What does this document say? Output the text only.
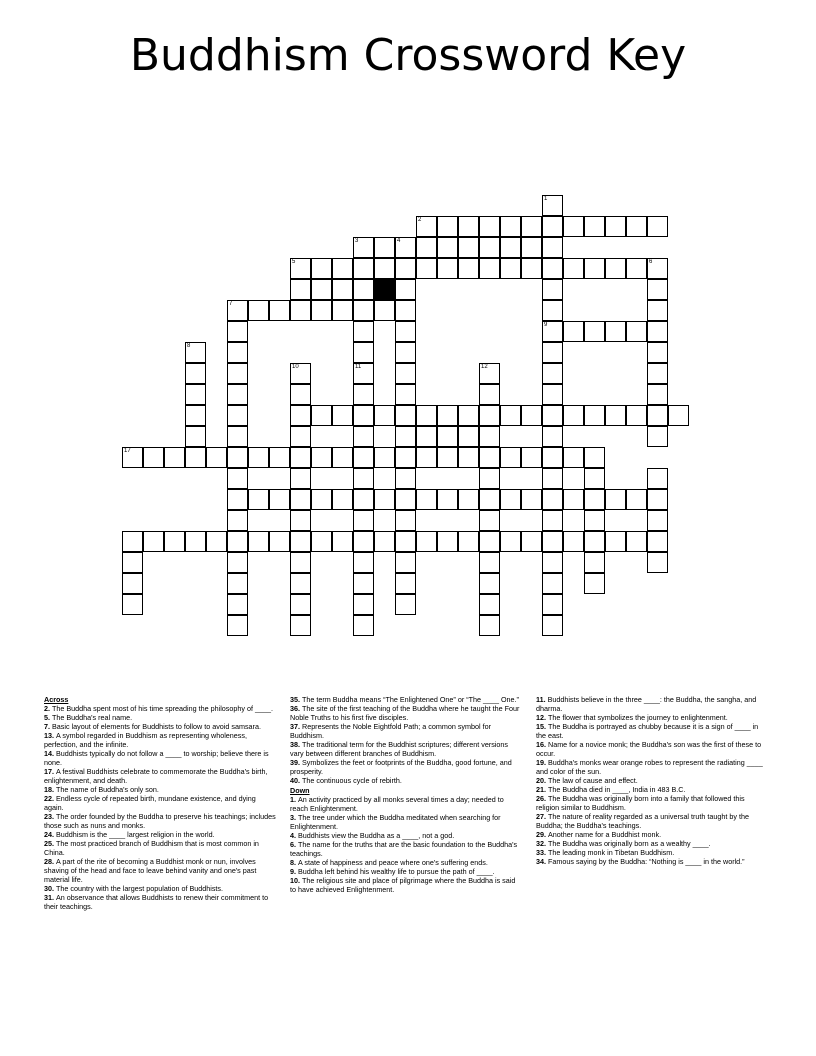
Buddhism Crossword Key
1
2
3	4
5	6
7
9
8
10	11	12
17

Across

2. The Buddha spent most of his time spreading the philosophy of ____.

5. The Buddha's real name.

7. Basic layout of elements for Buddhists to follow to avoid samsara.

13. A symbol regarded in Buddhism as representing wholeness, perfection, and the infinite.

14. Buddhists typically do not follow a ____ to worship; believe there is none.

17. A festival Buddhists celebrate to commemorate the Buddha's birth, enlightenment, and death.

18. The name of Buddha's only son.

22. Endless cycle of repeated birth, mundane existence, and dying again.

23. The order founded by the Buddha to preserve his teachings; includes those such as nuns and monks.

24. Buddhism is the ____ largest religion in the world.

25. The most practiced branch of Buddhism that is most common in China.

28. A part of the rite of becoming a Buddhist monk or nun, involves shaving of the head and face to leave behind vanity and one's past material life.

30. The country with the largest population of Buddhists.

31. An observance that allows Buddhists to renew their commitment to their teachings.

35. The term Buddha means “The Enlightened One” or “The ____ One.”

36. The site of the first teaching of the Buddha where he taught the Four Noble Truths to his first five disciples.

37. Represents the Noble Eightfold Path; a common symbol for Buddhism.

38. The traditional term for the Buddhist scriptures; different versions vary between different branches of Buddhism.

39. Symbolizes the feet or footprints of the Buddha, good fortune, and prosperity.

40. The continuous cycle of rebirth.

Down

1. An activity practiced by all monks several times a day; needed to reach Enlightenment.

3. The tree under which the Buddha meditated when searching for Enlightenment.

4. Buddhists view the Buddha as a ____, not a god.

6. The name for the truths that are the basic foundation to the Buddha's teachings.

8. A state of happiness and peace where one's suffering ends.

9. Buddha left behind his wealthy life to pursue the path of ____.

10. The religious site and place of pilgrimage where the Buddha is said to have achieved Enlightenment.

11. Buddhists believe in the three ____: the Buddha, the sangha, and dharma.

12. The flower that symbolizes the journey to enlightenment.

15. The Buddha is portrayed as chubby because it is a sign of ____ in the east.

16. Name for a novice monk; the Buddha's son was the first of these to occur.

19. Buddha's monks wear orange robes to represent the radiating ____ and color of the sun.

20. The law of cause and effect.

21. The Buddha died in ____, India in 483 B.C.

26. The Buddha was originally born into a family that followed this religion similar to Buddhism.

27. The nature of reality regarded as a universal truth taught by the Buddha; the Buddha's teachings.

29. Another name for a Buddhist monk.

32. The Buddha was originally born as a wealthy ____.

33. The leading monk in Tibetan Buddhism.

34. Famous saying by the Buddha: “Nothing is ____ in the world.”
